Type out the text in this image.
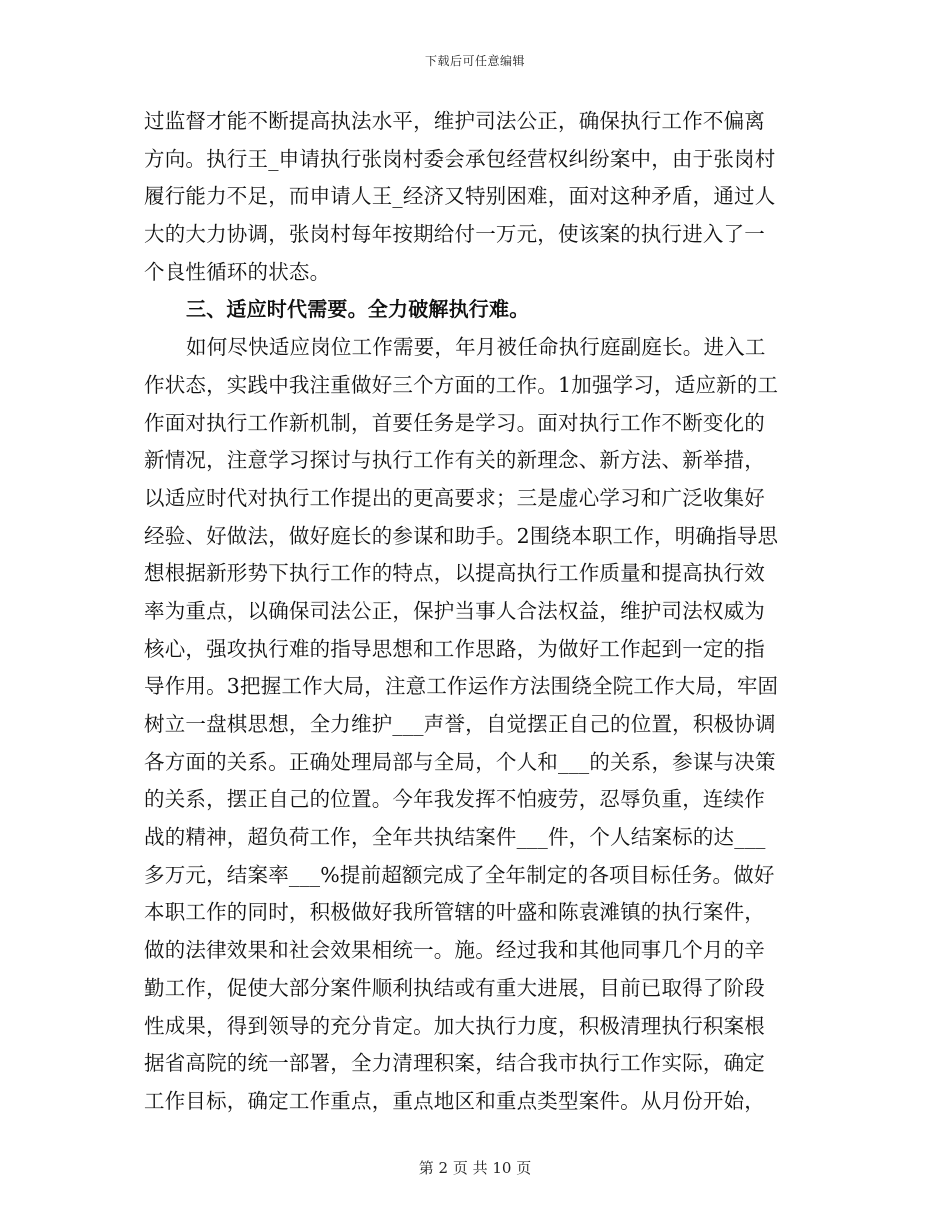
下载后可任意编辑
过监督才能不断提高执法水平，维护司法公正，确保执行工作不偏离
方向。执行王_申请执行张岗村委会承包经营权纠纷案中，由于张岗村
履行能力不足，而申请人王_经济又特别困难，面对这种矛盾，通过人
大的大力协调，张岗村每年按期给付一万元，使该案的执行进入了一
个良性循环的状态。
三、适应时代需要。全力破解执行难。
如何尽快适应岗位工作需要，年月被任命执行庭副庭长。进入工
作状态，实践中我注重做好三个方面的工作。1加强学习，适应新的工
作面对执行工作新机制，首要任务是学习。面对执行工作不断变化的
新情况，注意学习探讨与执行工作有关的新理念、新方法、新举措，
以适应时代对执行工作提出的更高要求；三是虚心学习和广泛收集好
经验、好做法，做好庭长的参谋和助手。2围绕本职工作，明确指导思
想根据新形势下执行工作的特点，以提高执行工作质量和提高执行效
率为重点，以确保司法公正，保护当事人合法权益，维护司法权威为
核心，强攻执行难的指导思想和工作思路，为做好工作起到一定的指
导作用。3把握工作大局，注意工作运作方法围绕全院工作大局，牢固
树立一盘棋思想，全力维护___声誉，自觉摆正自己的位置，积极协调
各方面的关系。正确处理局部与全局，个人和___的关系，参谋与决策
的关系，摆正自己的位置。今年我发挥不怕疲劳，忍辱负重，连续作
战的精神，超负荷工作，全年共执结案件___件，个人结案标的达___
多万元，结案率___%提前超额完成了全年制定的各项目标任务。做好
本职工作的同时，积极做好我所管辖的叶盛和陈袁滩镇的执行案件，
做的法律效果和社会效果相统一。施。经过我和其他同事几个月的辛
勤工作，促使大部分案件顺利执结或有重大进展，目前已取得了阶段
性成果，得到领导的充分肯定。加大执行力度，积极清理执行积案根
据省高院的统一部署，全力清理积案，结合我市执行工作实际，确定
工作目标，确定工作重点，重点地区和重点类型案件。从月份开始，
第 2 页 共 10 页
